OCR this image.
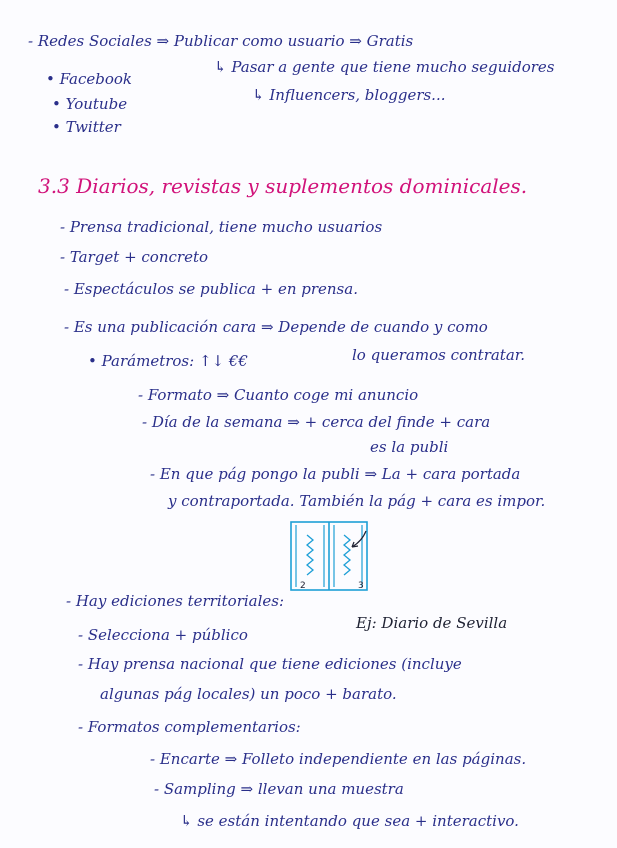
- Redes Sociales ⇒ Publicar como usuario ⇒ Gratis
↳ Pasar a gente que tiene mucho seguidores
↳ Influencers, bloggers...
• Facebook
• Youtube
• Twitter
3.3 Diarios, revistas y suplementos dominicales.
- Prensa tradicional, tiene mucho usuarios
- Target + concreto
- Espectáculos se publica + en prensa.
- Es una publicación cara ⇒ Depende de cuando y como
lo queramos contratar.
• Parámetros: ↑↓ €€
- Formato ⇒ Cuanto coge mi anuncio
- Día de la semana ⇒ + cerca del finde + cara
es la publi
- En que pág pongo la publi ⇒ La + cara portada
y contraportada. También la pág + cara es impor.
2	3
- Hay ediciones territoriales:
Ej: Diario de Sevilla
- Selecciona + público
- Hay prensa nacional que tiene ediciones (incluye
algunas pág locales) un poco + barato.
- Formatos complementarios:
- Encarte ⇒ Folleto independiente en las páginas.
- Sampling ⇒ llevan una muestra
↳ se están intentando que sea + interactivo.
